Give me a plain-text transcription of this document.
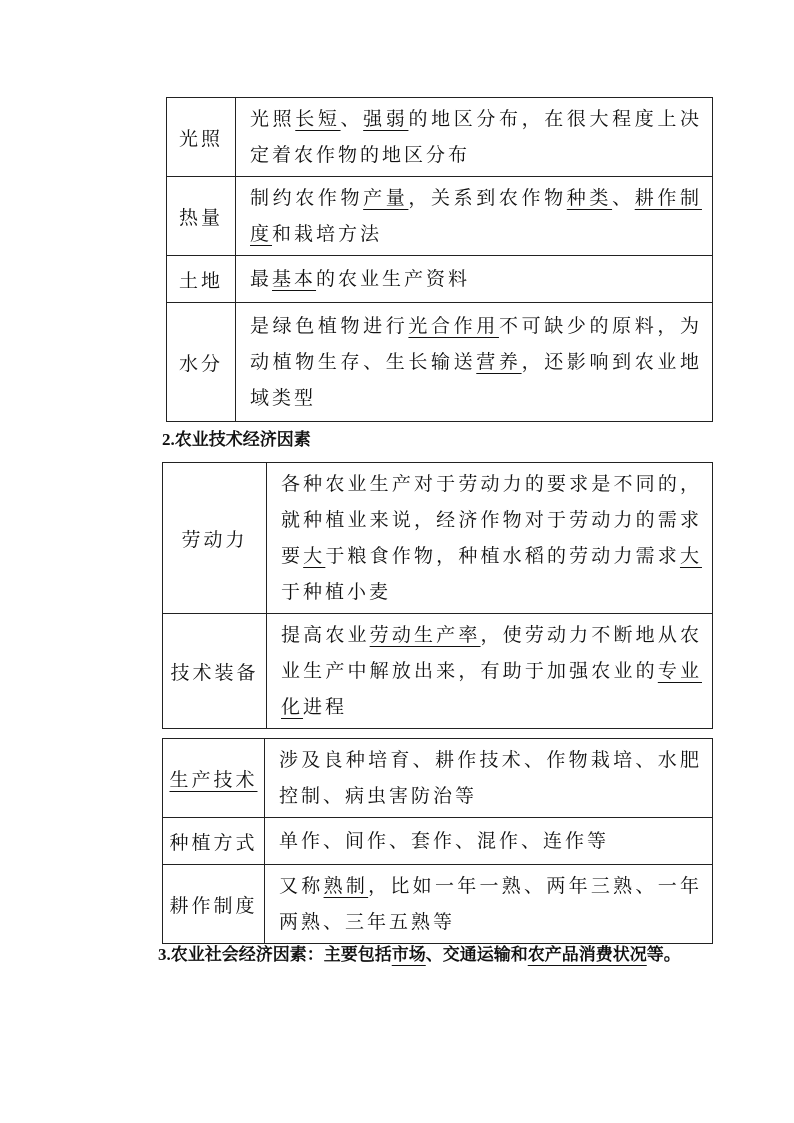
光照	光照长短、强弱的地区分布，在很大程度上决定着农作物的地区分布
热量	制约农作物产量，关系到农作物种类、耕作制度和栽培方法
土地	最基本的农业生产资料
水分	是绿色植物进行光合作用不可缺少的原料，为动植物生存、生长输送营养，还影响到农业地域类型
2.农业技术经济因素
劳动力	各种农业生产对于劳动力的要求是不同的，就种植业来说，经济作物对于劳动力的需求要大于粮食作物，种植水稻的劳动力需求大于种植小麦
技术装备	提高农业劳动生产率，使劳动力不断地从农业生产中解放出来，有助于加强农业的专业化进程
生产技术	涉及良种培育、耕作技术、作物栽培、水肥控制、病虫害防治等
种植方式	单作、间作、套作、混作、连作等
耕作制度	又称熟制，比如一年一熟、两年三熟、一年两熟、三年五熟等
3.农业社会经济因素：主要包括市场、交通运输和农产品消费状况等。
